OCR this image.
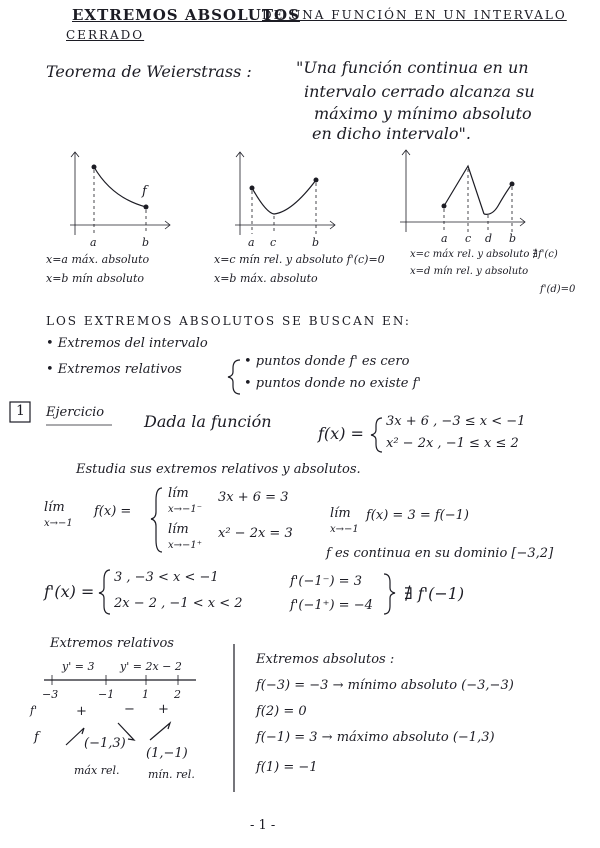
EXTREMOS ABSOLUTOS
DE UNA FUNCIÓN EN UN INTERVALO
CERRADO
Teorema de Weierstrass :	"Una función continua en un
intervalo cerrado alcanza su
máximo y mínimo absoluto
en dicho intervalo".
f
a	b
x=a máx. absoluto
x=b mín absoluto
a c	b
x=c mín rel. y absoluto f'(c)=0
x=b máx. absoluto
a c d b
x=c máx rel. y absoluto ∄f'(c)
x=d mín rel. y absoluto
f'(d)=0
LOS EXTREMOS ABSOLUTOS SE BUSCAN EN:
• Extremos del intervalo
• Extremos relativos
• puntos donde f' es cero
• puntos donde no existe f'
1 Ejercicio Dada la función
f(x) =
3x + 6 , −3 ≤ x < −1
x² − 2x , −1 ≤ x ≤ 2
Estudia sus extremos relativos y absolutos.
lím
x→−1
f(x) =
lím
x→−1⁻
3x + 6 = 3
lím
x→−1⁺
x² − 2x = 3
lím
x→−1
f(x) = 3 = f(−1)
f es continua en su dominio [−3,2]
f'(x) =
3 , −3 < x < −1
2x − 2 , −1 < x < 2
f'(−1⁻) = 3
f'(−1⁺) = −4
∄ f'(−1)
Extremos relativos
y' = 3 y' = 2x − 2
−3	−1	1 2
f'
f
+	− +
(−1,3)
(1,−1)
máx rel.	mín. rel.
Extremos absolutos :
f(−3) = −3 → mínimo absoluto (−3,−3)
f(2) = 0
f(−1) = 3 → máximo absoluto (−1,3)
f(1) = −1
- 1 -
